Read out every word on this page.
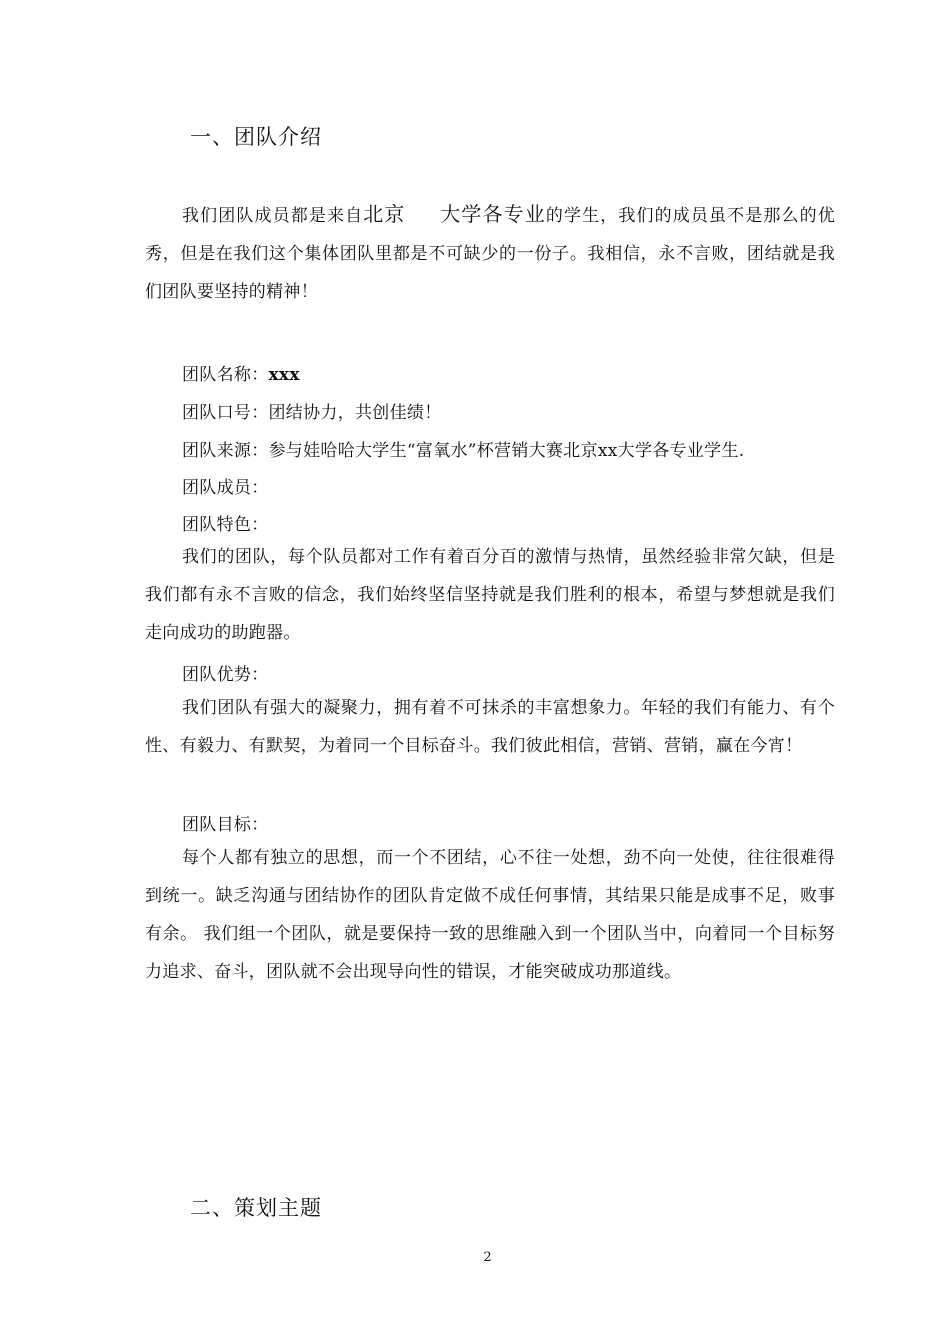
一、团队介绍

我们团队成员都是来自北京 大学各专业的学生，我们的成员虽不是那么的优秀，但是在我们这个集体团队里都是不可缺少的一份子。我相信，永不言败，团结就是我们团队要坚持的精神！

团队名称：xxx
团队口号：团结协力，共创佳绩！
团队来源：参与娃哈哈大学生“富氧水”杯营销大赛北京xx大学各专业学生.
团队成员：
团队特色：

我们的团队，每个队员都对工作有着百分百的激情与热情，虽然经验非常欠缺，但是我们都有永不言败的信念，我们始终坚信坚持就是我们胜利的根本，希望与梦想就是我们走向成功的助跑器。

团队优势：

我们团队有强大的凝聚力，拥有着不可抹杀的丰富想象力。年轻的我们有能力、有个性、有毅力、有默契，为着同一个目标奋斗。我们彼此相信，营销、营销，赢在今宵！

团队目标：

每个人都有独立的思想，而一个不团结，心不往一处想，劲不向一处使，往往很难得到统一。缺乏沟通与团结协作的团队肯定做不成任何事情，其结果只能是成事不足，败事有余。 我们组一个团队，就是要保持一致的思维融入到一个团队当中，向着同一个目标努力追求、奋斗，团队就不会出现导向性的错误，才能突破成功那道线。

二、策划主题
2
